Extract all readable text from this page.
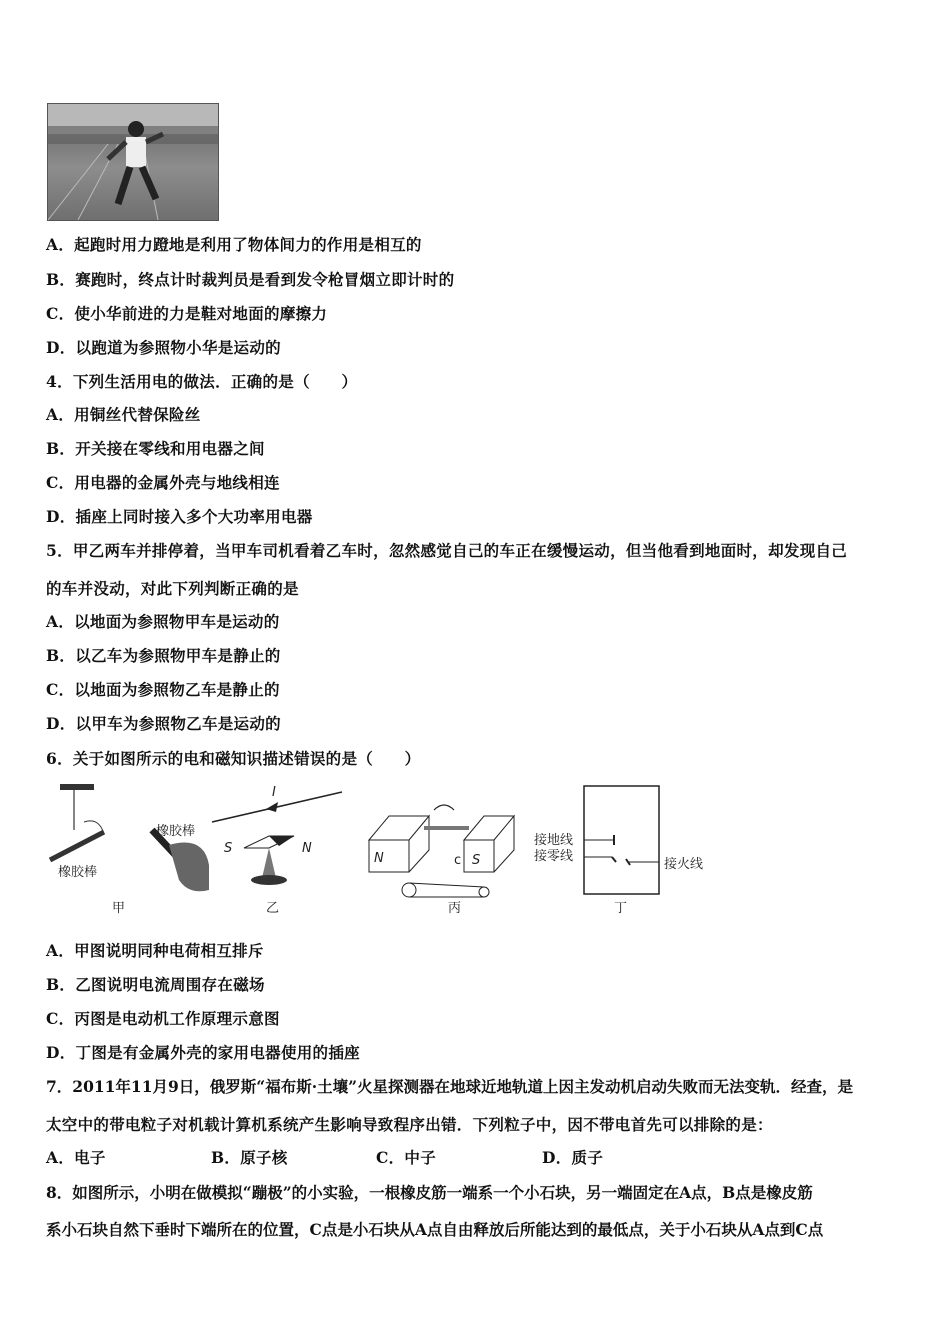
A．起跑时用力蹬地是利用了物体间力的作用是相互的
B．赛跑时，终点计时裁判员是看到发令枪冒烟立即计时的
C．使小华前进的力是鞋对地面的摩擦力
D．以跑道为参照物小华是运动的
4．下列生活用电的做法．正确的是（　　）
A．用铜丝代替保险丝
B．开关接在零线和用电器之间
C．用电器的金属外壳与地线相连
D．插座上同时接入多个大功率用电器
5．甲乙两车并排停着，当甲车司机看着乙车时，忽然感觉自己的车正在缓慢运动，但当他看到地面时，却发现自己
的车并没动，对此下列判断正确的是
A．以地面为参照物甲车是运动的
B．以乙车为参照物甲车是静止的
C．以地面为参照物乙车是静止的
D．以甲车为参照物乙车是运动的
6．关于如图所示的电和磁知识描述错误的是（　　）
橡胶棒
橡胶棒
甲
I
S	N
乙
N	S
c
丙
接地线
接零线
接火线
丁
A．甲图说明同种电荷相互排斥
B．乙图说明电流周围存在磁场
C．丙图是电动机工作原理示意图
D．丁图是有金属外壳的家用电器使用的插座
7．2011年11月9日，俄罗斯“福布斯·土壤”火星探测器在地球近地轨道上因主发动机启动失败而无法变轨．经查，是
太空中的带电粒子对机载计算机系统产生影响导致程序出错．下列粒子中，因不带电首先可以排除的是：
A．电子	B．原子核	C．中子	D．质子
8．如图所示，小明在做模拟“蹦极”的小实验，一根橡皮筋一端系一个小石块，另一端固定在A点，B点是橡皮筋
系小石块自然下垂时下端所在的位置，C点是小石块从A点自由释放后所能达到的最低点，关于小石块从A点到C点
